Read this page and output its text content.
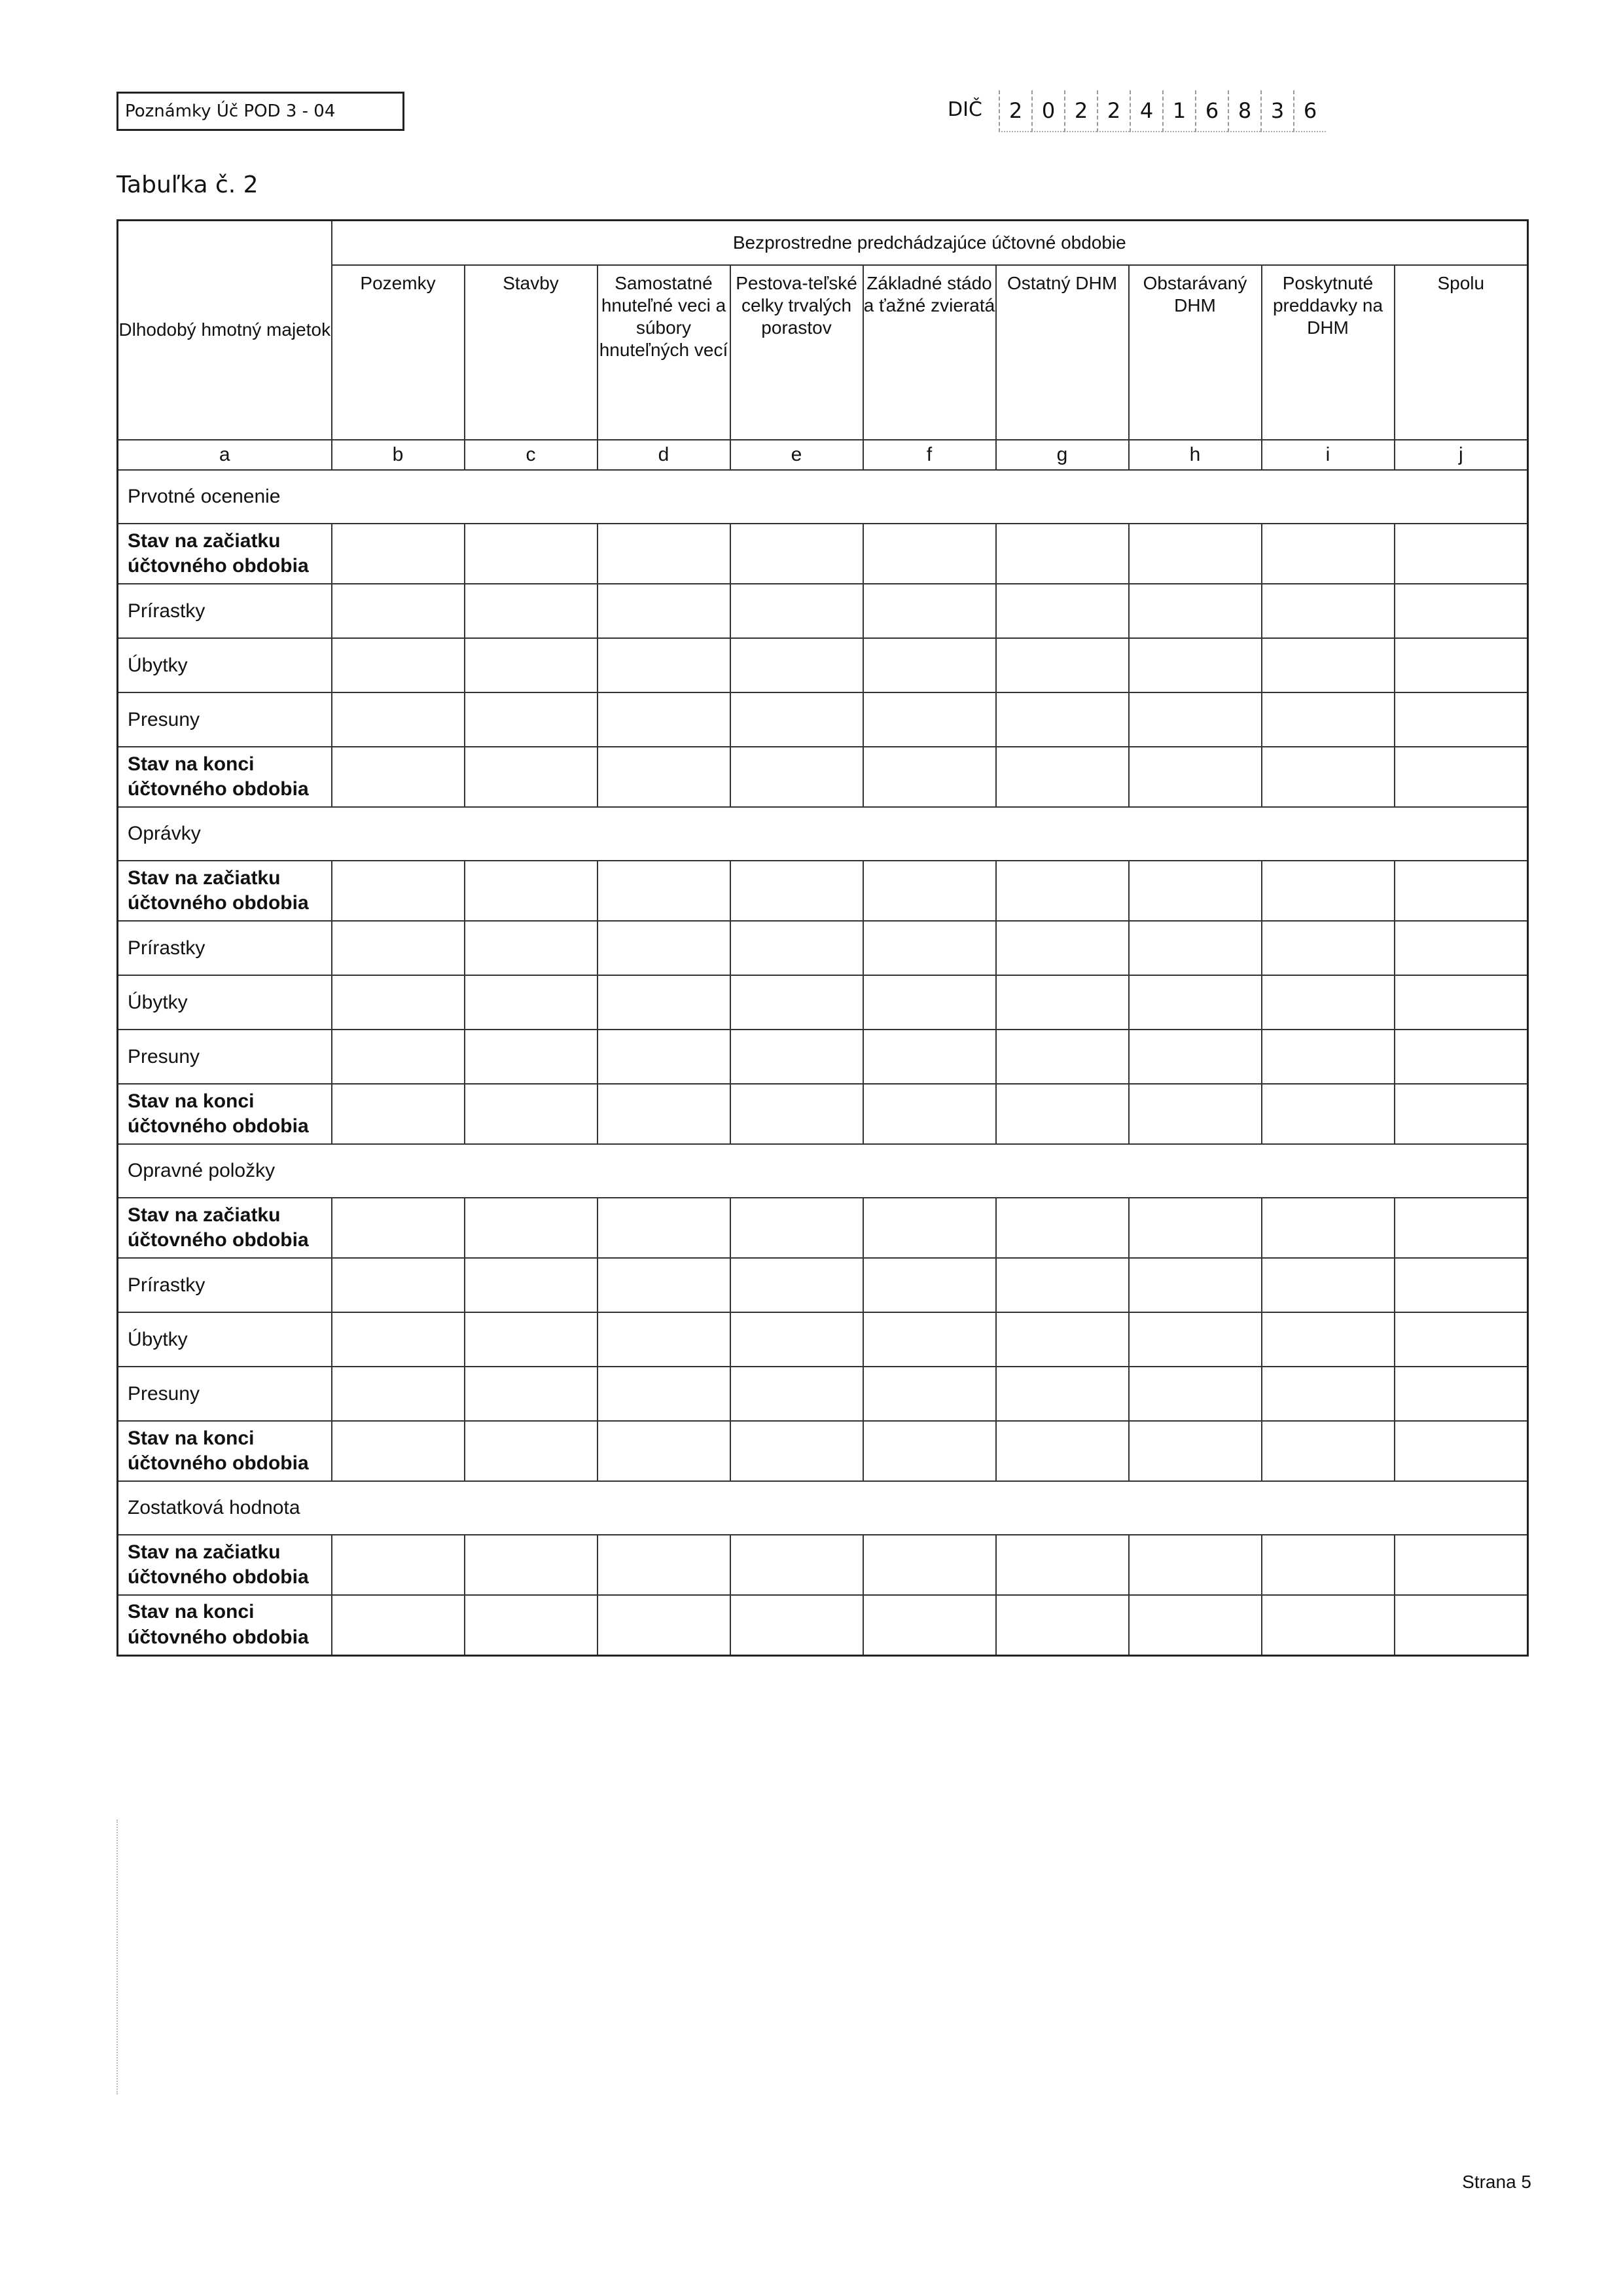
Poznámky Úč POD 3 - 04	DIČ	2 0 2 2 4 1 6 8 3 6
Tabuľka č. 2
Dlhodobý hmotný majetok	Bezprostredne predchádzajúce účtovné obdobie								
	Pozemky	Stavby	Samostatné hnuteľné veci a súbory hnuteľných vecí	Pestova-teľské celky trvalých porastov	Základné stádo a ťažné zvieratá	Ostatný DHM	Obstarávaný DHM	Poskytnuté preddavky na DHM	Spolu
a	b	c	d	e	f	g	h	i	j
Prvotné ocenenie									
Stav na začiatku účtovného obdobia									
Prírastky									
Úbytky									
Presuny									
Stav na konci účtovného obdobia									
Oprávky									
Stav na začiatku účtovného obdobia									
Prírastky									
Úbytky									
Presuny									
Stav na konci účtovného obdobia									
Opravné položky									
Stav na začiatku účtovného obdobia									
Prírastky									
Úbytky									
Presuny									
Stav na konci účtovného obdobia									
Zostatková hodnota									
Stav na začiatku účtovného obdobia									
Stav na konci účtovného obdobia									
Strana 5
